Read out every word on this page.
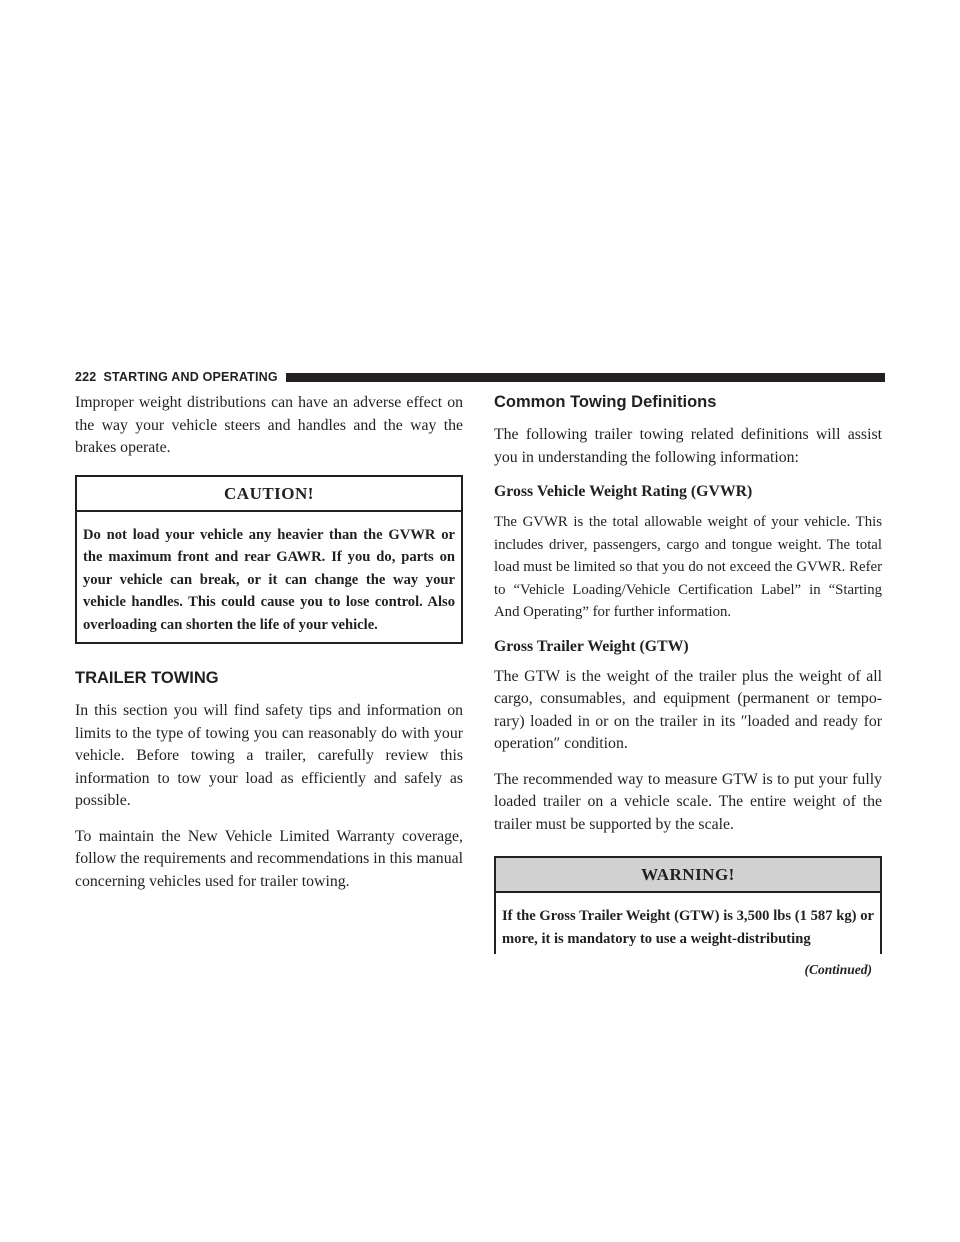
222 STARTING AND OPERATING

Improper weight distributions can have an adverse effect on the way your vehicle steers and handles and the way the brakes operate.

CAUTION!
Do not load your vehicle any heavier than the GVWR or the maximum front and rear GAWR. If you do, parts on your vehicle can break, or it can change the way your vehicle handles. This could cause you to lose control. Also overloading can shorten the life of your vehicle.
TRAILER TOWING

In this section you will find safety tips and information on limits to the type of towing you can reasonably do with your vehicle. Before towing a trailer, carefully review this information to tow your load as efficiently and safely as possible.

To maintain the New Vehicle Limited Warranty coverage, follow the requirements and recommendations in this manual concerning vehicles used for trailer towing.

Common Towing Definitions

The following trailer towing related definitions will assist you in understanding the following information:

Gross Vehicle Weight Rating (GVWR)

The GVWR is the total allowable weight of your vehicle. This includes driver, passengers, cargo and tongue weight. The total load must be limited so that you do not exceed the GVWR. Refer to “Vehicle Loading/Vehicle Certification Label” in “Starting And Operating” for further information.

Gross Trailer Weight (GTW)

The GTW is the weight of the trailer plus the weight of all cargo, consumables, and equipment (permanent or temporary) loaded in or on the trailer in its ″loaded and ready for operation″ condition.

The recommended way to measure GTW is to put your fully loaded trailer on a vehicle scale. The entire weight of the trailer must be supported by the scale.

WARNING!
If the Gross Trailer Weight (GTW) is 3,500 lbs (1 587 kg) or more, it is mandatory to use a weight-distributing
(Continued)
